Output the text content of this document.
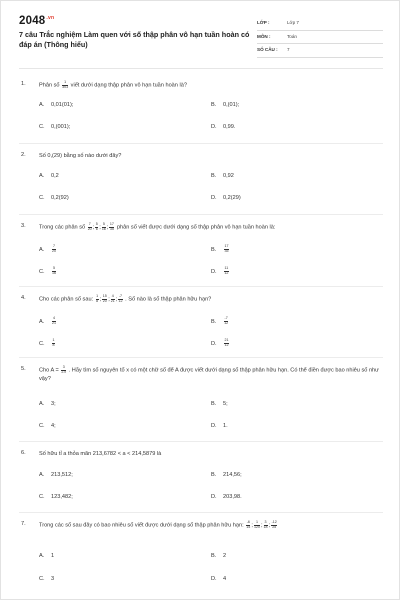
$2048^{.vn}$
7 câu Trắc nghiệm Làm quen với số thập phân vô hạn tuần hoàn có đáp án (Thông hiểu)
LỚP :	Lớp 7
MÔN :	Toán
SỐ CÂU : 7
1. Phân số $\frac{1}{303}$ viết dưới dạng thập phân vô hạn tuần hoàn là?
A. 0,01(01);	B. 0,(01);
C. 0,(001);	D. 0,99.
2. Số 0,(29) bằng số nào dưới đây?
A. 0,2	B. 0,92
C. 0,2(92)	D. 0,2(29)
3. Trong các phân số $\frac{7}{20}$ ; $\frac{5}{6}$ ; $\frac{5}{16}$ ; $\frac{17}{35}$ phân số viết được dưới dạng số thập phân vô hạn tuần hoàn là:
A. $\frac{7}{20}$	B. $\frac{17}{35}$
C. $\frac{5}{16}$	D. $\frac{11}{12}$
4. Cho các phân số sau: $\frac{1}{8}$ ; $\frac{15}{20}$ ; $\frac{4}{21}$ ; $\frac{-7}{12}$ . Số nào là số thập phân hữu hạn?
A. $\frac{4}{21}$	B. $\frac{-7}{12}$
C. $\frac{1}{8}$	D. $\frac{21}{12}$
5. Cho $A = \frac{3}{2.x}$ . Hãy tìm số nguyên tố x có một chữ số để A được viết dưới dạng số thập phân hữu hạn. Có thể điền được bao nhiêu số như vậy?
A. 3;	B. 5;
C. 4;	D. 1.
6. Số hữu tỉ a thỏa mãn 213,6782 < a < 214,5879 là
A. 213,512;	B. 214,56;
C. 123,482;	D. 203,98.
7. Trong các số sau đây có bao nhiêu số viết được dưới dạng số thập phân hữu hạn: $\frac{-6}{15}$ ; $\frac{1}{120}$ ; $\frac{3}{18}$ ; $\frac{-12}{25}$
A. 1	B. 2
C. 3	D. 4
